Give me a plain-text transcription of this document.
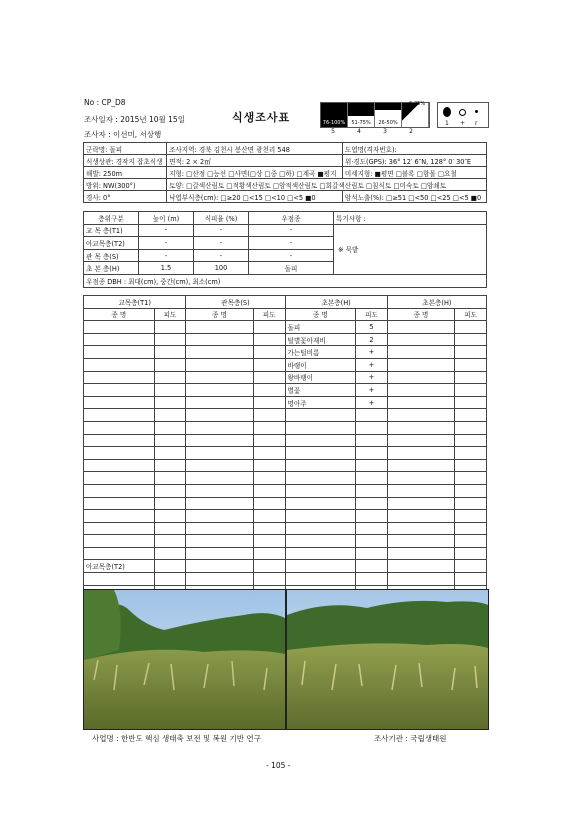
No : CP_D8
조사일자 : 2015년 10월 15일	식생조사표
조사자 : 이선미, 서상행
76-100%	51-75%	26-50%
5	4	3	2
6-25%
1 + r
군락명: 돌피	조사지역: 경북 김천시 봉산면 광천리 548	도엽명(격자번호):
식생상관: 경작지 잡초식생	면적: 2 × 2㎡	위·경도(GPS): 36° 12′ 6″N, 128° 0′ 30″E
해발: 250m	지형: □산정 □능선 □사면(□상 □중 □하) □계곡 ■평지	미세지형: ■평면 □볼록 □함몰 □요철
방위: NW(300°)	토양: □갈색산림토 □적황색산림토 □암적색산림토 □회갈색산림토 □침식토 □미숙토 □암쇄토	
경사: 0°	낙엽부식층(cm): □≥20 □<15 □<10 □<5 ■0	암석노출(%): □≥51 □<50 □<25 □<5 ■0
층위구분	높이 (m)	식피율 (%)	우점종	특기사항 :
교 목 층(T1)	-	-	-	※ 묵밭
아교목층(T2)	-	-	-	
관 목 층(S)	-	-	-	
초 본 층(H)	1.5	100	돌피	
우점종 DBH : 최대(cm), 중간(cm), 최소(cm)				
교목층(T1)		관목층(S)		초본층(H)		초본층(H)	
종 명	피도	종 명	피도	종 명	피도	종 명	피도
				돌피	5		
				털별꽃아재비	2		
				가는털비름	+		
				바랭이	+		
				왕바랭이	+		
				별꽃	+		
				명아주	+		

아교목층(T2)							

사업명 : 한반도 핵심 생태축 보전 및 복원 기반 연구	조사기관 : 국립생태원
- 105 -
